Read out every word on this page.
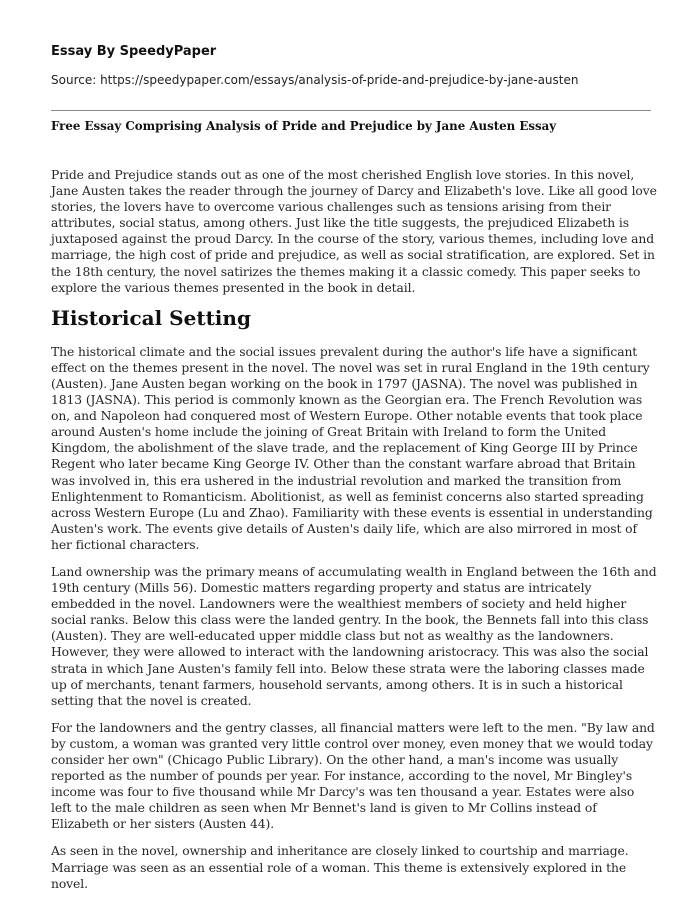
Essay By SpeedyPaper
Source: https://speedypaper.com/essays/analysis-of-pride-and-prejudice-by-jane-austen
Free Essay Comprising Analysis of Pride and Prejudice by Jane Austen Essay

Pride and Prejudice stands out as one of the most cherished English love stories. In this novel, Jane Austen takes the reader through the journey of Darcy and Elizabeth's love. Like all good love stories, the lovers have to overcome various challenges such as tensions arising from their attributes, social status, among others. Just like the title suggests, the prejudiced Elizabeth is juxtaposed against the proud Darcy. In the course of the story, various themes, including love and marriage, the high cost of pride and prejudice, as well as social stratification, are explored. Set in the 18th century, the novel satirizes the themes making it a classic comedy. This paper seeks to explore the various themes presented in the book in detail.

Historical Setting

The historical climate and the social issues prevalent during the author's life have a significant effect on the themes present in the novel. The novel was set in rural England in the 19th century (Austen). Jane Austen began working on the book in 1797 (JASNA). The novel was published in 1813 (JASNA). This period is commonly known as the Georgian era. The French Revolution was on, and Napoleon had conquered most of Western Europe. Other notable events that took place around Austen's home include the joining of Great Britain with Ireland to form the United Kingdom, the abolishment of the slave trade, and the replacement of King George III by Prince Regent who later became King George IV. Other than the constant warfare abroad that Britain was involved in, this era ushered in the industrial revolution and marked the transition from Enlightenment to Romanticism. Abolitionist, as well as feminist concerns also started spreading across Western Europe (Lu and Zhao). Familiarity with these events is essential in understanding Austen's work. The events give details of Austen's daily life, which are also mirrored in most of her fictional characters.

Land ownership was the primary means of accumulating wealth in England between the 16th and 19th century (Mills 56). Domestic matters regarding property and status are intricately embedded in the novel. Landowners were the wealthiest members of society and held higher social ranks. Below this class were the landed gentry. In the book, the Bennets fall into this class (Austen). They are well-educated upper middle class but not as wealthy as the landowners. However, they were allowed to interact with the landowning aristocracy. This was also the social strata in which Jane Austen's family fell into. Below these strata were the laboring classes made up of merchants, tenant farmers, household servants, among others. It is in such a historical setting that the novel is created.

For the landowners and the gentry classes, all financial matters were left to the men. "By law and by custom, a woman was granted very little control over money, even money that we would today consider her own" (Chicago Public Library). On the other hand, a man's income was usually reported as the number of pounds per year. For instance, according to the novel, Mr Bingley's income was four to five thousand while Mr Darcy's was ten thousand a year. Estates were also left to the male children as seen when Mr Bennet's land is given to Mr Collins instead of Elizabeth or her sisters (Austen 44).

As seen in the novel, ownership and inheritance are closely linked to courtship and marriage. Marriage was seen as an essential role of a woman. This theme is extensively explored in the novel.
